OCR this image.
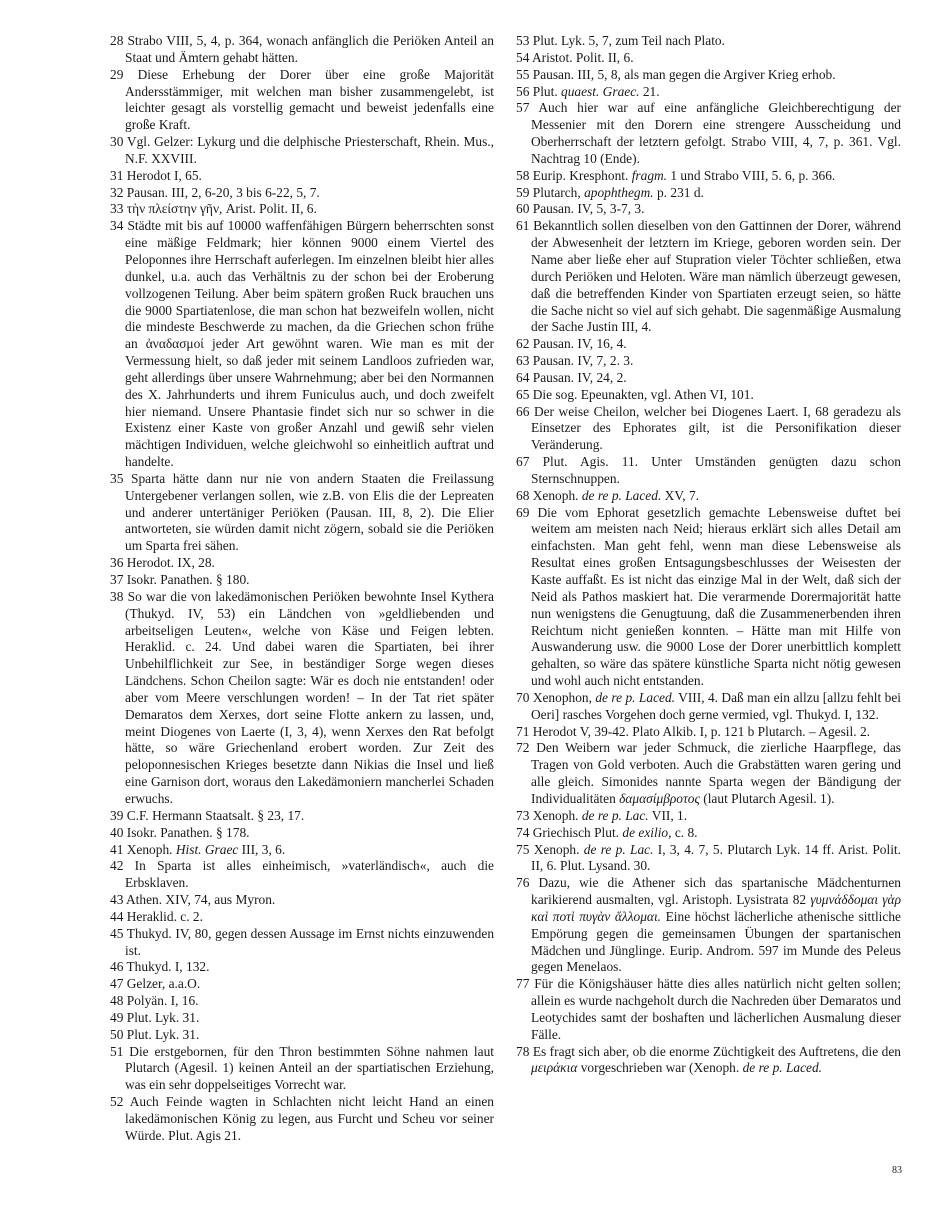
28 Strabo VIII, 5, 4, p. 364, wonach anfänglich die Periöken Anteil an Staat und Ämtern gehabt hätten.
29 Diese Erhebung der Dorer über eine große Majorität Andersstämmiger, mit welchen man bisher zusammengelebt, ist leichter gesagt als vorstellig gemacht und beweist jedenfalls eine große Kraft.
30 Vgl. Gelzer: Lykurg und die delphische Priesterschaft, Rhein. Mus., N.F. XXVIII.
31 Herodot I, 65.
32 Pausan. III, 2, 6-20, 3 bis 6-22, 5, 7.
33 τὴν πλείστην γῆν, Arist. Polit. II, 6.
34 Städte mit bis auf 10000 waffenfähigen Bürgern beherrschten sonst eine mäßige Feldmark; hier können 9000 einem Viertel des Peloponnes ihre Herrschaft auferlegen. Im einzelnen bleibt hier alles dunkel, u.a. auch das Verhältnis zu der schon bei der Eroberung vollzogenen Teilung. Aber beim spätern großen Ruck brauchen uns die 9000 Spartiatenlose, die man schon hat bezweifeln wollen, nicht die mindeste Beschwerde zu machen, da die Griechen schon frühe an ἀναδασμοί jeder Art gewöhnt waren. Wie man es mit der Vermessung hielt, so daß jeder mit seinem Landloos zufrieden war, geht allerdings über unsere Wahrnehmung; aber bei den Normannen des X. Jahrhunderts und ihrem Funiculus auch, und doch zweifelt hier niemand. Unsere Phantasie findet sich nur so schwer in die Existenz einer Kaste von großer Anzahl und gewiß sehr vielen mächtigen Individuen, welche gleichwohl so einheitlich auftrat und handelte.
35 Sparta hätte dann nur nie von andern Staaten die Freilassung Untergebener verlangen sollen, wie z.B. von Elis die der Lepreaten und anderer untertäniger Periöken (Pausan. III, 8, 2). Die Elier antworteten, sie würden damit nicht zögern, sobald sie die Periöken um Sparta frei sähen.
36 Herodot. IX, 28.
37 Isokr. Panathen. § 180.
38 So war die von lakedämonischen Periöken bewohnte Insel Kythera (Thukyd. IV, 53) ein Ländchen von »geldliebenden und arbeitseligen Leuten«, welche von Käse und Feigen lebten. Heraklid. c. 24. Und dabei waren die Spartiaten, bei ihrer Unbehilflichkeit zur See, in beständiger Sorge wegen dieses Ländchens. Schon Cheilon sagte: Wär es doch nie entstanden! oder aber vom Meere verschlungen worden! – In der Tat riet später Demaratos dem Xerxes, dort seine Flotte ankern zu lassen, und, meint Diogenes von Laerte (I, 3, 4), wenn Xerxes den Rat befolgt hätte, so wäre Griechenland erobert worden. Zur Zeit des peloponnesischen Krieges besetzte dann Nikias die Insel und ließ eine Garnison dort, woraus den Lakedämoniern mancherlei Schaden erwuchs.
39 C.F. Hermann Staatsalt. § 23, 17.
40 Isokr. Panathen. § 178.
41 Xenoph. Hist. Graec III, 3, 6.
42 In Sparta ist alles einheimisch, »vaterländisch«, auch die Erbsklaven.
43 Athen. XIV, 74, aus Myron.
44 Heraklid. c. 2.
45 Thukyd. IV, 80, gegen dessen Aussage im Ernst nichts einzuwenden ist.
46 Thukyd. I, 132.
47 Gelzer, a.a.O.
48 Polyän. I, 16.
49 Plut. Lyk. 31.
50 Plut. Lyk. 31.
51 Die erstgebornen, für den Thron bestimmten Söhne nahmen laut Plutarch (Agesil. 1) keinen Anteil an der spartiatischen Erziehung, was ein sehr doppelseitiges Vorrecht war.
52 Auch Feinde wagten in Schlachten nicht leicht Hand an einen lakedämonischen König zu legen, aus Furcht und Scheu vor seiner Würde. Plut. Agis 21.
53 Plut. Lyk. 5, 7, zum Teil nach Plato.
54 Aristot. Polit. II, 6.
55 Pausan. III, 5, 8, als man gegen die Argiver Krieg erhob.
56 Plut. quaest. Graec. 21.
57 Auch hier war auf eine anfängliche Gleichberechtigung der Messenier mit den Dorern eine strengere Ausscheidung und Oberherrschaft der letztern gefolgt. Strabo VIII, 4, 7, p. 361. Vgl. Nachtrag 10 (Ende).
58 Eurip. Kresphont. fragm. 1 und Strabo VIII, 5. 6, p. 366.
59 Plutarch, apophthegm. p. 231 d.
60 Pausan. IV, 5, 3-7, 3.
61 Bekanntlich sollen dieselben von den Gattinnen der Dorer, während der Abwesenheit der letztern im Kriege, geboren worden sein. Der Name aber ließe eher auf Stupration vieler Töchter schließen, etwa durch Periöken und Heloten. Wäre man nämlich überzeugt gewesen, daß die betreffenden Kinder von Spartiaten erzeugt seien, so hätte die Sache nicht so viel auf sich gehabt. Die sagenmäßige Ausmalung der Sache Justin III, 4.
62 Pausan. IV, 16, 4.
63 Pausan. IV, 7, 2. 3.
64 Pausan. IV, 24, 2.
65 Die sog. Epeunakten, vgl. Athen VI, 101.
66 Der weise Cheilon, welcher bei Diogenes Laert. I, 68 geradezu als Einsetzer des Ephorates gilt, ist die Personifikation dieser Veränderung.
67 Plut. Agis. 11. Unter Umständen genügten dazu schon Sternschnuppen.
68 Xenoph. de re p. Laced. XV, 7.
69 Die vom Ephorat gesetzlich gemachte Lebensweise duftet bei weitem am meisten nach Neid; hieraus erklärt sich alles Detail am einfachsten. Man geht fehl, wenn man diese Lebensweise als Resultat eines großen Entsagungsbeschlusses der Weisesten der Kaste auffaßt. Es ist nicht das einzige Mal in der Welt, daß sich der Neid als Pathos maskiert hat. Die verarmende Dorermajorität hatte nun wenigstens die Genugtuung, daß die Zusammenerbenden ihren Reichtum nicht genießen konnten. – Hätte man mit Hilfe von Auswanderung usw. die 9000 Lose der Dorer unerbittlich komplett gehalten, so wäre das spätere künstliche Sparta nicht nötig gewesen und wohl auch nicht entstanden.
70 Xenophon, de re p. Laced. VIII, 4. Daß man ein allzu [allzu fehlt bei Oeri] rasches Vorgehen doch gerne vermied, vgl. Thukyd. I, 132.
71 Herodot V, 39-42. Plato Alkib. I, p. 121 b Plutarch. – Agesil. 2.
72 Den Weibern war jeder Schmuck, die zierliche Haarpflege, das Tragen von Gold verboten. Auch die Grabstätten waren gering und alle gleich. Simonides nannte Sparta wegen der Bändigung der Individualitäten δαμασίμβροτος (laut Plutarch Agesil. 1).
73 Xenoph. de re p. Lac. VII, 1.
74 Griechisch Plut. de exilio, c. 8.
75 Xenoph. de re p. Lac. I, 3, 4. 7, 5. Plutarch Lyk. 14 ff. Arist. Polit. II, 6. Plut. Lysand. 30.
76 Dazu, wie die Athener sich das spartanische Mädchenturnen karikierend ausmalten, vgl. Aristoph. Lysistrata 82 γυμνάδδομαι γὰρ καὶ ποτὶ πυγὰν ἅλλομαι. Eine höchst lächerliche athenische sittliche Empörung gegen die gemeinsamen Übungen der spartanischen Mädchen und Jünglinge. Eurip. Androm. 597 im Munde des Peleus gegen Menelaos.
77 Für die Königshäuser hätte dies alles natürlich nicht gelten sollen; allein es wurde nachgeholt durch die Nachreden über Demaratos und Leotychides samt der boshaften und lächerlichen Ausmalung dieser Fälle.
78 Es fragt sich aber, ob die enorme Züchtigkeit des Auftretens, die den μειράκια vorgeschrieben war (Xenoph. de re p. Laced.
83
